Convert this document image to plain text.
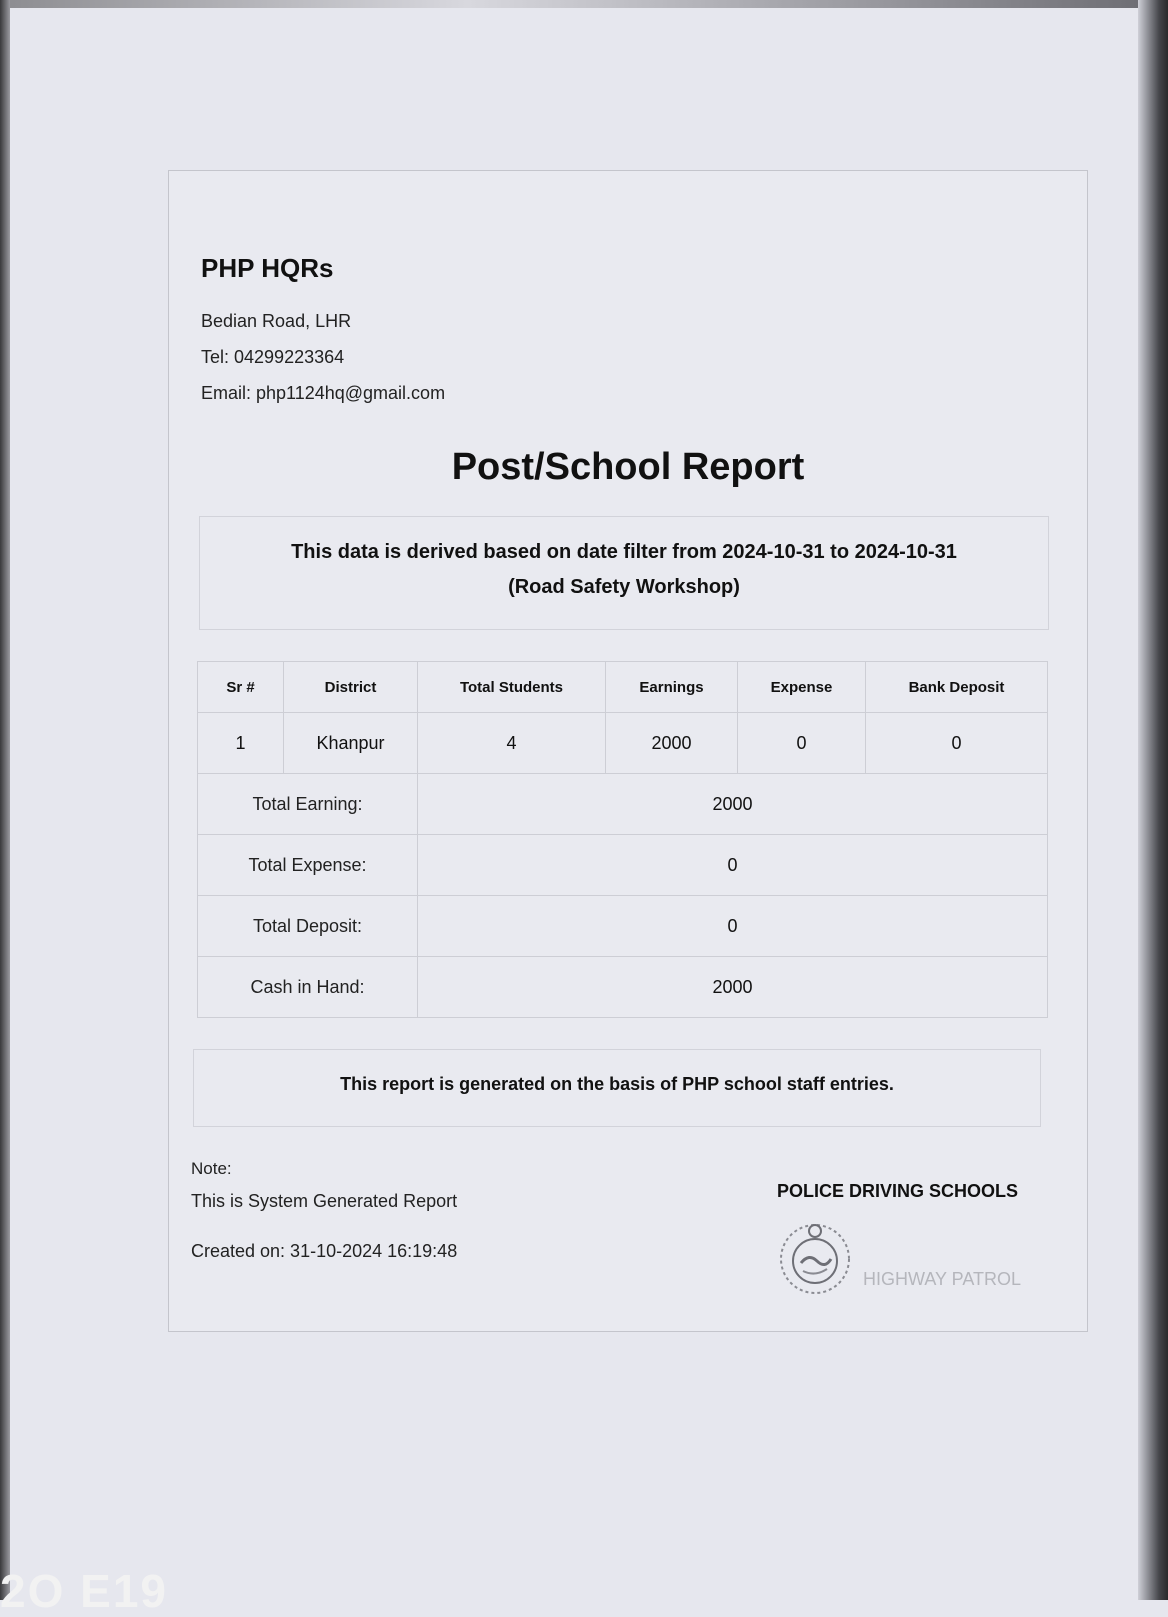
PHP HQRs
Bedian Road, LHR
Tel: 04299223364
Email: php1124hq@gmail.com
Post/School Report
This data is derived based on date filter from 2024-10-31 to 2024-10-31
(Road Safety Workshop)
Sr #	District	Total Students	Earnings	Expense	Bank Deposit
1	Khanpur	4	2000	0	0
Total Earning:		2000			
Total Expense:		0			
Total Deposit:		0			
Cash in Hand:		2000			
This report is generated on the basis of PHP school staff entries.
Note:
This is System Generated Report
Created on: 31-10-2024 16:19:48
POLICE DRIVING SCHOOLS
HIGHWAY PATROL
2O E19
